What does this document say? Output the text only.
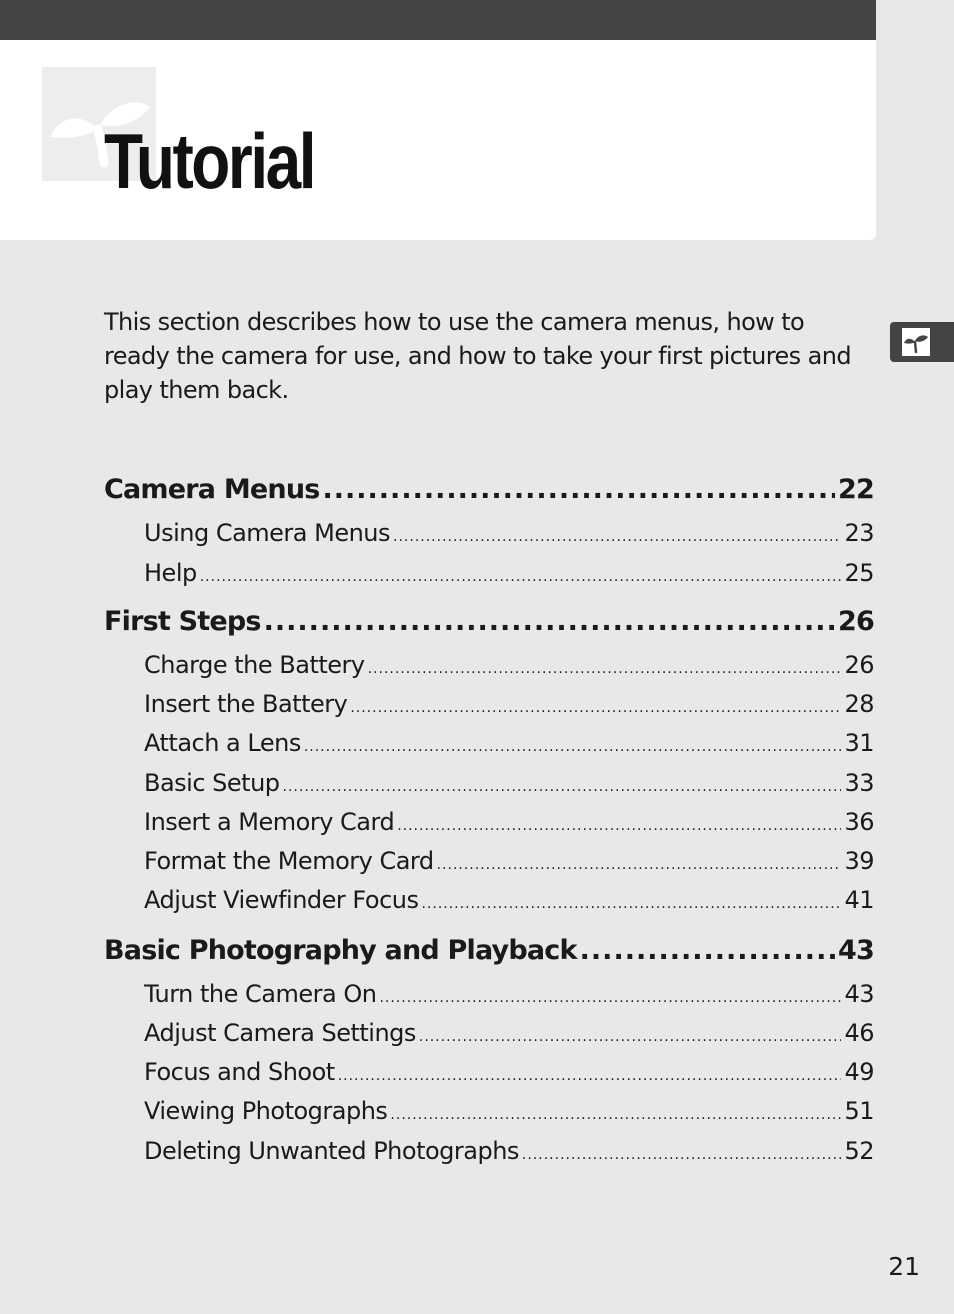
Tutorial

This section describes how to use the camera menus, how to ready the camera for use, and how to take your first pictures and play them back.

Camera Menus .....	22
Using Camera Menus .....	23
Help .....	25
First Steps .....	26
Charge the Battery .....	26
Insert the Battery .....	28
Attach a Lens .....	31
Basic Setup .....	33
Insert a Memory Card .....	36
Format the Memory Card .....	39
Adjust Viewfinder Focus .....	41
Basic Photography and Playback .....	43
Turn the Camera On .....	43
Adjust Camera Settings .....	46
Focus and Shoot .....	49
Viewing Photographs .....	51
Deleting Unwanted Photographs .....	52
21
